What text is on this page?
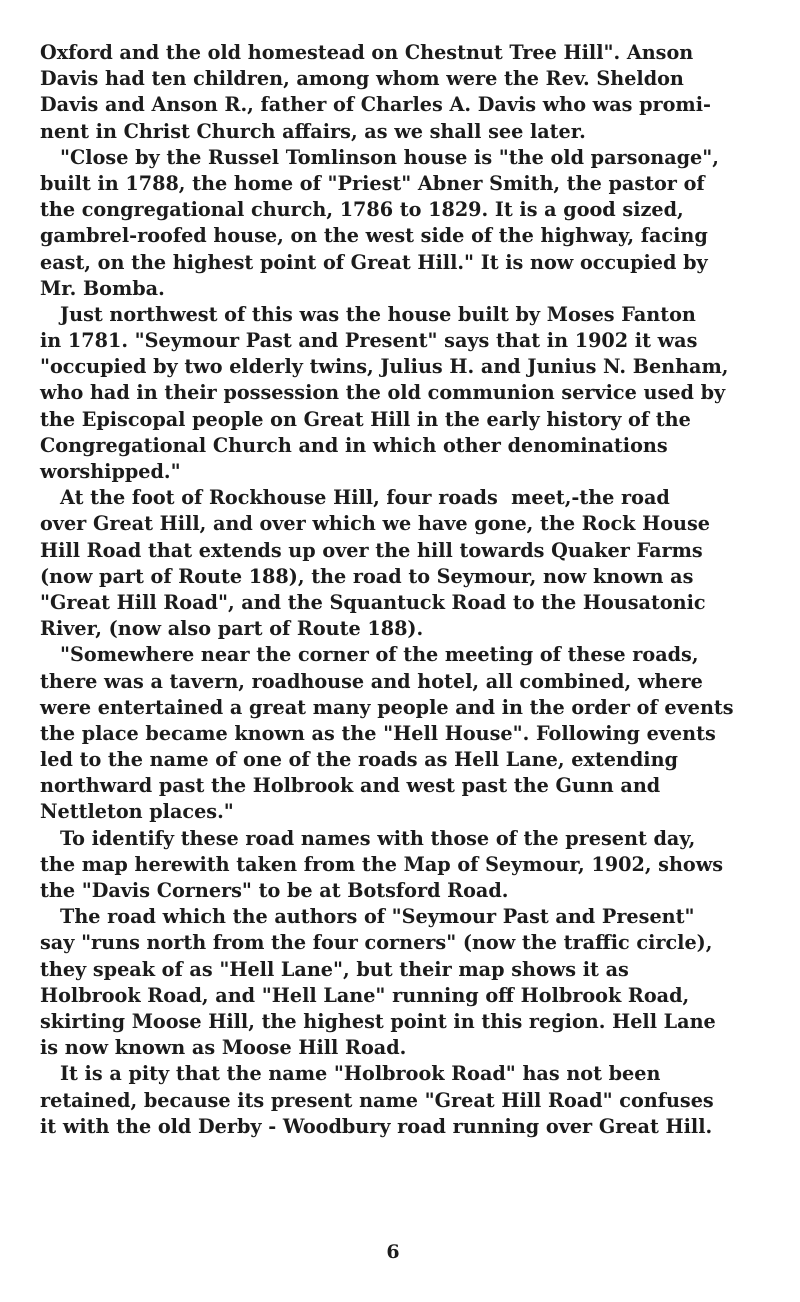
Oxford and the old homestead on Chestnut Tree Hill". Anson
Davis had ten children, among whom were the Rev. Sheldon
Davis and Anson R., father of Charles A. Davis who was promi-
nent in Christ Church affairs, as we shall see later.
"Close by the Russel Tomlinson house is "the old parsonage",
built in 1788, the home of "Priest" Abner Smith, the pastor of
the congregational church, 1786 to 1829. It is a good sized,
gambrel-roofed house, on the west side of the highway, facing
east, on the highest point of Great Hill." It is now occupied by
Mr. Bomba.
Just northwest of this was the house built by Moses Fanton
in 1781. "Seymour Past and Present" says that in 1902 it was
"occupied by two elderly twins, Julius H. and Junius N. Benham,
who had in their possession the old communion service used by
the Episcopal people on Great Hill in the early history of the
Congregational Church and in which other denominations
worshipped."
At the foot of Rockhouse Hill, four roads  meet,-the road
over Great Hill, and over which we have gone, the Rock House
Hill Road that extends up over the hill towards Quaker Farms
(now part of Route 188), the road to Seymour, now known as
"Great Hill Road", and the Squantuck Road to the Housatonic
River, (now also part of Route 188).
"Somewhere near the corner of the meeting of these roads,
there was a tavern, roadhouse and hotel, all combined, where
were entertained a great many people and in the order of events
the place became known as the "Hell House". Following events
led to the name of one of the roads as Hell Lane, extending
northward past the Holbrook and west past the Gunn and
Nettleton places."
To identify these road names with those of the present day,
the map herewith taken from the Map of Seymour, 1902, shows
the "Davis Corners" to be at Botsford Road.
The road which the authors of "Seymour Past and Present"
say "runs north from the four corners" (now the traffic circle),
they speak of as "Hell Lane", but their map shows it as
Holbrook Road, and "Hell Lane" running off Holbrook Road,
skirting Moose Hill, the highest point in this region. Hell Lane
is now known as Moose Hill Road.
It is a pity that the name "Holbrook Road" has not been
retained, because its present name "Great Hill Road" confuses
it with the old Derby - Woodbury road running over Great Hill.
6
